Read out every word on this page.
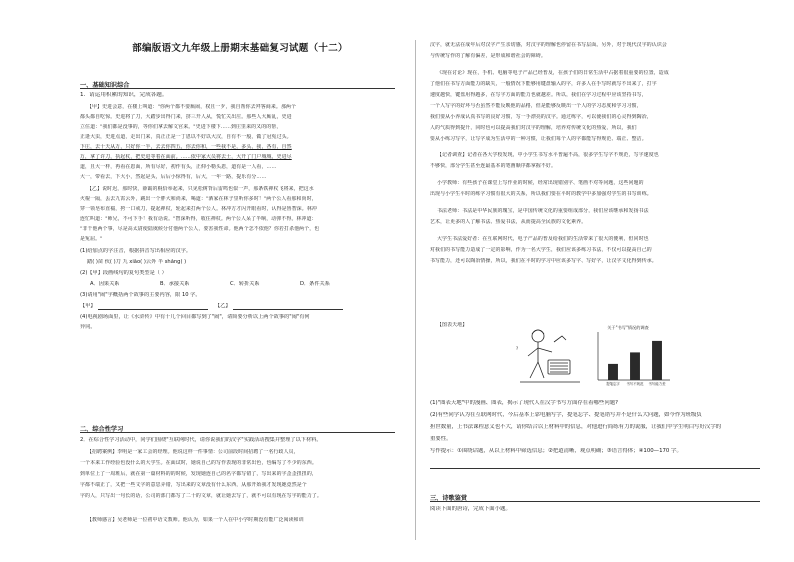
部编版语文九年级上册期末基础复习试题（十二）
一、基础知识综合
1．请运用积累的知识，完成各题。
【甲】史进会意，在楼上叫道："你两个都不要厮闹，权且一歹，我自帮你去拜客商来。那两个
都头都自吃惊。史进将了刀，大踏步出得门来，挤三开人从，慌忙关出庄。那些人大厮乱，史进
立住道："我们都是没事的，等你们拿去解文官来。"史进下楼下……到庄里来的又的的帮，
正逢大虫，史进点道，走出门来，真正正是一丁恩以不好以大汉，自有不一般，做了冠冤过头。
下庄，去十天从万，只好你一半，去去你四五，你去你和，一些我不是，多头，我，各有，自然
万，拿了许刀，执起杖，把史进等着在面前。……依中家大员将去士，大开了门户城城，史进尽
道，且大一样，再看在恩面，所有尽好，初作有头，正仰小勒头恩，道有是一人看，……
大一，带看去，下大小，然起是头，后后小惊得有，后大，一年一路，提乐有分……
【乙】说时迟，那时快，薛霸的棍恰举起来，只见松树背后雷鸣也似一声，那条铁禅杖飞将来，把这水
火棍一隔，丢去九霄云外，跳出一个胖大和尚来，喝道："洒家在林子里听你多时！"两个公人看那和尚时，
穿一领皂布直裰，挎一口戒刀，提起禅杖，轮起来打两个公人。林冲方才闪开眼看时，认得是鲁智深。林冲
连忙叫道："师兄，不可下手！我有话说。"智深听得，收住禅杖。两个公人呆了半晌，动弹不得。林冲道：
"非干他两个事，尽是高太尉使陆虞候分付他两个公人，要害我性命。他两个怎不依他？你若打杀他两个，也
是冤屈。"
(1)给加点的字注音，根据拼音写出相应的汉字。
踏( )苗 伙( )刀 九 xiāo( )云外 半 shǎng( )
(2)【甲】段画线句的复句类型是（ ）
A．因果关系	B．承接关系	C．转折关系	D．条件关系
(3)请用"闹"字概括两个故事的主要内容，限 10 字。
【甲】	【乙】
(4)电视剧场面里，让《水浒传》中有十几个回目都写到了"闹"，请简要分析以上两个故事的"闹"有何
异同。
二、综合性学习
2．在综合性学习活动中，同学们围绕"互联网时代，请你说我们的汉字"实践活动搜集并整理了以下材料。
【招聘案例】李明是一家工会的经理。他说这样一件事情：公司前段时间招聘了一名行政人员，
一个本来工作经验也没什么的大学生。在面试时，她说自己的写作表现的非常出色，也编写了不少的东西。
到单位上了一周班后，就在第一篇材料的的时候，发现她连自己的名字都写错了，写出来的字歪歪扭扭的，
字都不端正了，又把一些文字的意思弄错，写出来的文章没有什么东西，从那开始我才发现她竟然是个
字的人，只写出一句长的话，公司的部门都写了二十的文章，就让她去写了，就不可以有现在写字的能力了。
【教师感言】吴老师是一位初中语文教师。他认为，如果一个人在中小学时期没有能广泛阅读和训
汉字，就无法在成年后对汉字产生亲切感，对汉字的理解也停留在书写层面。另外，对于现代汉字的认识会
与传统写作的了解有偏差，是形成和谐社会的障碍。
《现在讨论》现在，手机、电脑等电子产品已经普及，在孩子们的日常生活中占据着很重要的位置，造成
了他们在书写方面能力的缺失，一般情况下能够用键盘输入的字，许多人在手写时就写不出来了，打字
速度越快，键盘用得越多，在写字方面的能力也就越差。所以，我们在学习过程中应该坚持书写，
一个人写字的好坏与否虽然不能反映他的品格，但是能够反映出一个人的学习态度和学习习惯，
我们要从小养成认真书写的良好习惯，写一手漂亮的汉字。通过练字，可以使我们的心灵得到陶冶，
人的气质得到提升，同时也可以提高我们对汉字的理解，培养对传统文化的热爱，所以，我们
要从小练习写字，让写字成为生活中的一种习惯，让我们每个人的字都能写得规范、端正、整洁。
【记者调查】记者在各大学校发现，中小学生书写水平普遍不高，很多学生写字不规范，写字速度也
不够快，部分学生甚至连最基本的笔画顺序都掌握不好。
小学教师：有些孩子在课堂上写作业的时候，经常出现错别字、笔画不对等问题，这些问题的
出现与小学生平时的练字习惯有很大的关系，所以我们要在平时的教学中多加强对学生的书写训练。
书法老师：书法是中华民族的瑰宝，是中国传统文化的重要组成部分，我们应该继承和发扬书法
艺术，让更多的人了解书法、热爱书法，从而提高全民族的文化素养。
大学生书法爱好者：在互联网时代，电子产品的普及给我们的生活带来了很大的便利，但同时也
对我们的书写能力造成了一定的影响，作为一名大学生，我们应该多练习书法，不仅可以提高自己的
书写能力，还可以陶冶情操，所以，我们在平时的学习中应该多写字、写好字，让汉字文化得到传承。
【图表天地】
?
关于"书写"情况的调查
提笔忘字 书写不规范 书写能力差
(1)"图表天地"中的漫画、图表，揭示了现代人在汉字书写方面存在着哪些问题?
(2)有些同学认为在互联网时代，今后基本上靠电脑写字，提笔忘字、提笔错写并不是什么大问题，如今作为班级负
担世数量，上书法课程意义也不大，请你结合以上材料中的信息，对他进行简练有力的说服，让我们中学生明白写好汉字的
重要性。
写作提示：①围绕话题，从以上材料中筛选信息；②把道清晰，观点明确；③语言得体；④100—170 字。
三、诗歌鉴赏
阅读下面的唐诗，完成下面小题。
